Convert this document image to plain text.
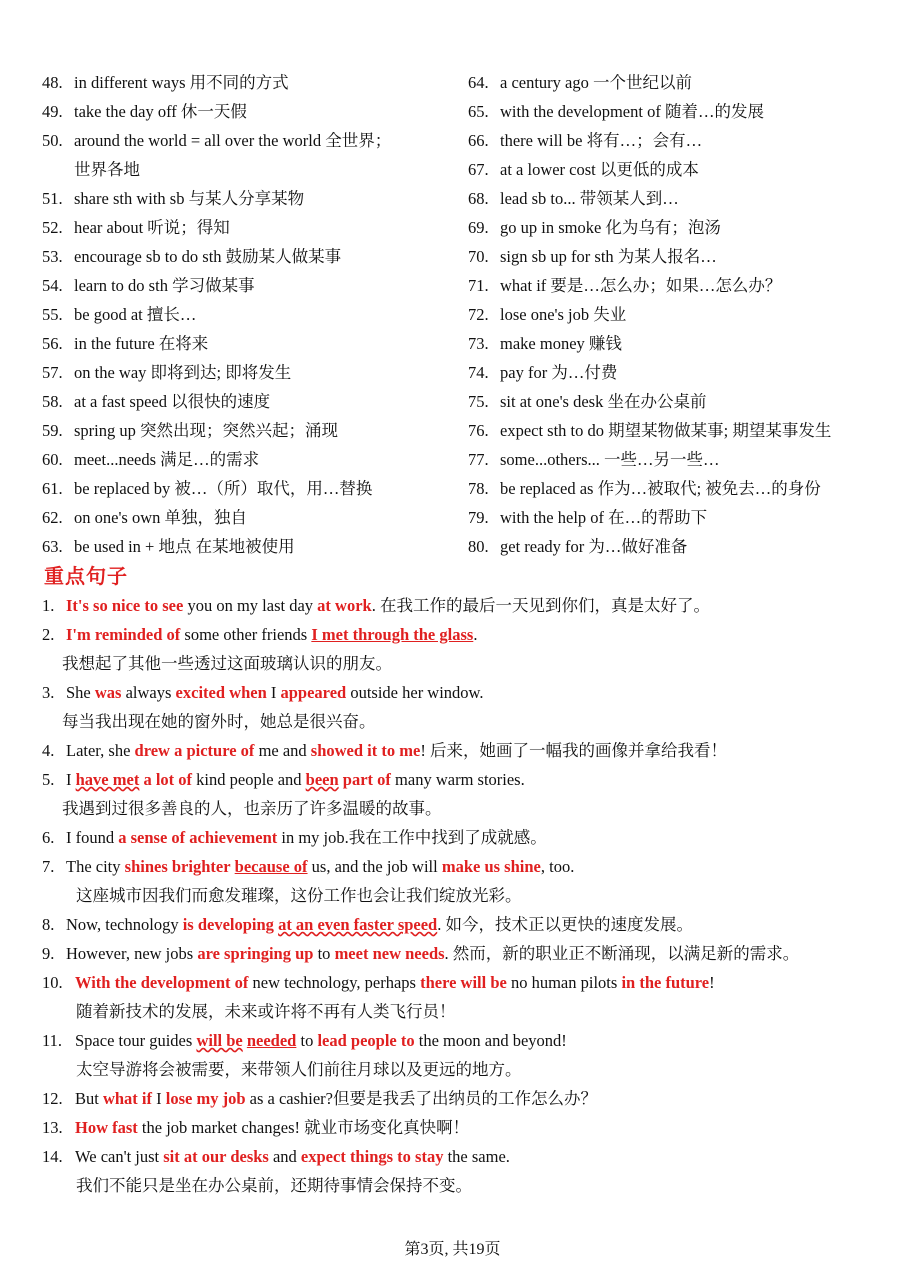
48. in different ways 用不同的方式
49. take the day off 休一天假
50. around the world = all over the world 全世界；
世界各地
51. share sth with sb 与某人分享某物
52. hear about 听说；得知
53. encourage sb to do sth 鼓励某人做某事
54. learn to do sth 学习做某事
55. be good at 擅长…
56. in the future 在将来
57. on the way 即将到达; 即将发生
58. at a fast speed 以很快的速度
59. spring up 突然出现；突然兴起；涌现
60. meet...needs 满足…的需求
61. be replaced by 被…（所）取代，用…替换
62. on one's own 单独，独自
63. be used in + 地点 在某地被使用
64. a century ago 一个世纪以前
65. with the development of 随着…的发展
66. there will be 将有…；会有…
67. at a lower cost 以更低的成本
68. lead sb to... 带领某人到…
69. go up in smoke 化为乌有；泡汤
70. sign sb up for sth 为某人报名…
71. what if 要是…怎么办；如果…怎么办？
72. lose one's job 失业
73. make money 赚钱
74. pay for 为…付费
75. sit at one's desk 坐在办公桌前
76. expect sth to do 期望某物做某事; 期望某事发生
77. some...others... 一些…另一些…
78. be replaced as 作为…被取代; 被免去…的身份
79. with the help of 在…的帮助下
80. get ready for 为…做好准备
重点句子
1. It's so nice to see you on my last day at work. 在我工作的最后一天见到你们，真是太好了。
2. I'm reminded of some other friends I met through the glass.
我想起了其他一些透过这面玻璃认识的朋友。
3. She was always excited when I appeared outside her window.
每当我出现在她的窗外时，她总是很兴奋。
4. Later, she drew a picture of me and showed it to me! 后来，她画了一幅我的画像并拿给我看！
5. I have met a lot of kind people and been part of many warm stories.
我遇到过很多善良的人，也亲历了许多温暖的故事。
6. I found a sense of achievement in my job.我在工作中找到了成就感。
7. The city shines brighter because of us, and the job will make us shine, too.
这座城市因我们而愈发璀璨，这份工作也会让我们绽放光彩。
8. Now, technology is developing at an even faster speed. 如今，技术正以更快的速度发展。
9. However, new jobs are springing up to meet new needs. 然而，新的职业正不断涌现，以满足新的需求。
10. With the development of new technology, perhaps there will be no human pilots in the future!
随着新技术的发展，未来或许将不再有人类飞行员！
11. Space tour guides will be needed to lead people to the moon and beyond!
太空导游将会被需要，来带领人们前往月球以及更远的地方。
12. But what if I lose my job as a cashier?但要是我丢了出纳员的工作怎么办？
13. How fast the job market changes! 就业市场变化真快啊！
14. We can't just sit at our desks and expect things to stay the same.
我们不能只是坐在办公桌前，还期待事情会保持不变。
第3页, 共19页
